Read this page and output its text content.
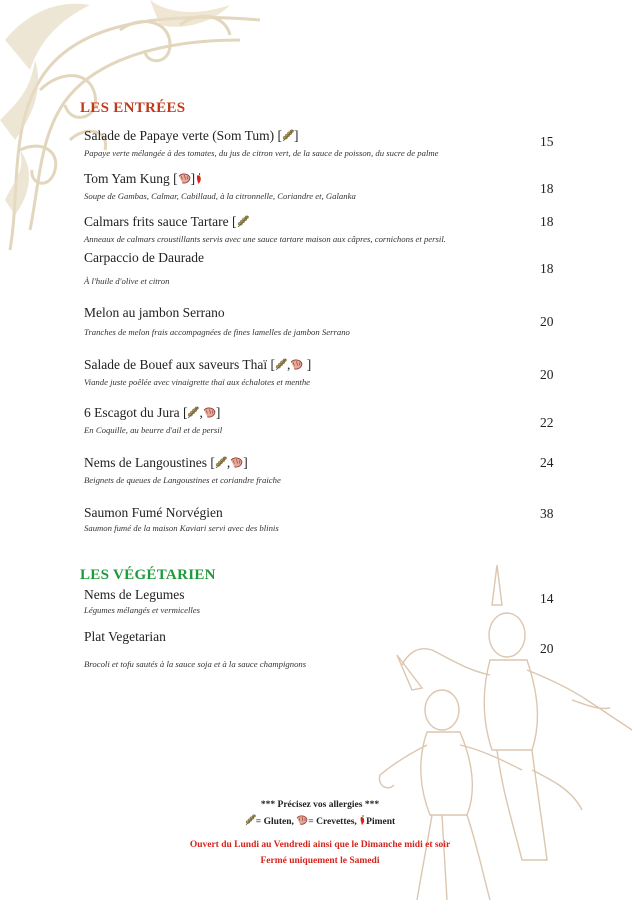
LES ENTRÉES
Salade de Papaye verte (Som Tum) [ ]
Papaye verte mélangée à des tomates, du jus de citron vert, de la sauce de poisson, du sucre de palme
15
Tom Yam Kung [ ]
Soupe de Gambas, Calmar, Cabillaud, à la citronnelle, Coriandre et, Galanka	18
Calmars frits sauce Tartare [
Anneaux de calmars croustillants servis avec une sauce tartare maison aux câpres, cornichons et persil.
18
Carpaccio de Daurade
À l'huile d'olive et citron
18
Melon au jambon Serrano
Tranches de melon frais accompagnées de fines lamelles de jambon Serrano
20
Salade de Bouef aux saveurs Thaï [ , ]
Viande juste poêlée avec vinaigrette thaï aux échalotes et menthe	20
6 Escagot du Jura [ , ]
En Coquille, au beurre d'ail et de persil	22
Nems de Langoustines [ , ]
Beignets de queues de Langoustines et coriandre fraiche
24
Saumon Fumé Norvégien
Saumon fumé de la maison Kaviari servi avec des blinis
38
Nems de Legumes
Légumes mélangés et vermicelles
14
Plat Vegetarian
Brocoli et tofu sautés à la sauce soja et à la sauce champignons
20
LES VÉGÉTARIEN
*** Précisez vos allergies ***
= Gluten, = Crevettes, Piment
Ouvert du Lundi au Vendredi ainsi que le Dimanche midi et soir
Fermé uniquement le Samedi
